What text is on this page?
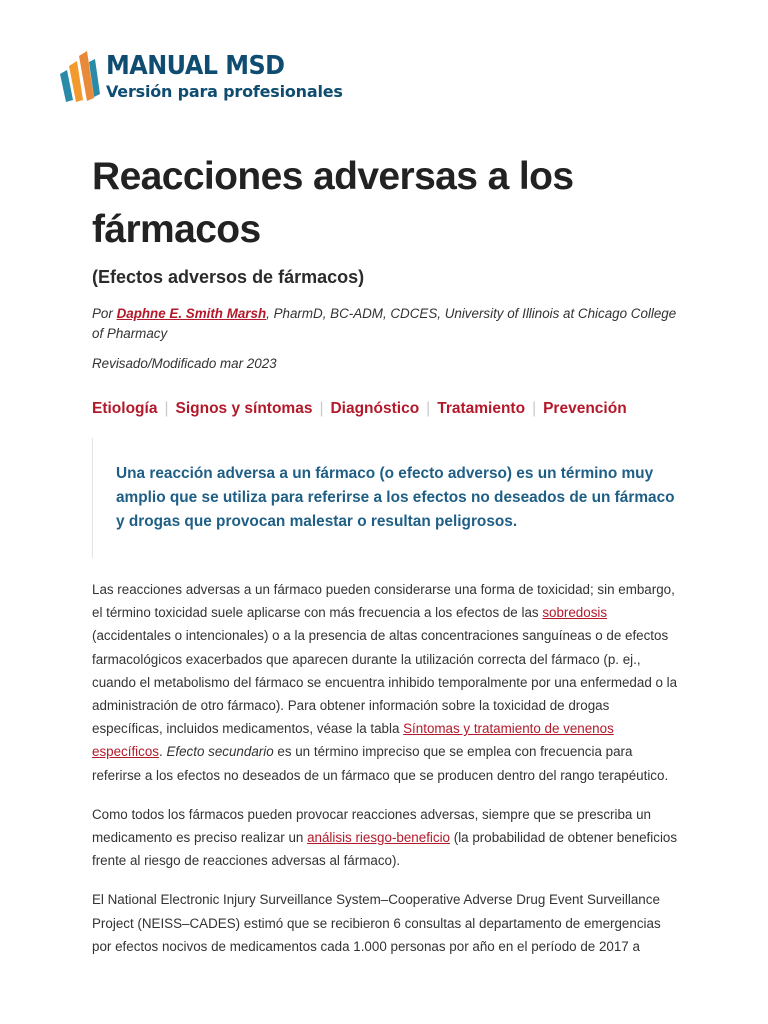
MANUAL MSD
Versión para profesionales
Reacciones adversas a los
fármacos
(Efectos adversos de fármacos)
Por Daphne E. Smith Marsh, PharmD, BC-ADM, CDCES, University of Illinois at Chicago College of Pharmacy
Revisado/Modificado mar 2023
Etiología | Signos y síntomas | Diagnóstico | Tratamiento | Prevención
Una reacción adversa a un fármaco (o efecto adverso) es un término muy amplio que se utiliza para referirse a los efectos no deseados de un fármaco y drogas que provocan malestar o resultan peligrosos.

Las reacciones adversas a un fármaco pueden considerarse una forma de toxicidad; sin embargo, el término toxicidad suele aplicarse con más frecuencia a los efectos de las sobredosis (accidentales o intencionales) o a la presencia de altas concentraciones sanguíneas o de efectos farmacológicos exacerbados que aparecen durante la utilización correcta del fármaco (p. ej., cuando el metabolismo del fármaco se encuentra inhibido temporalmente por una enfermedad o la administración de otro fármaco). Para obtener información sobre la toxicidad de drogas específicas, incluidos medicamentos, véase la tabla Síntomas y tratamiento de venenos específicos. Efecto secundario es un término impreciso que se emplea con frecuencia para referirse a los efectos no deseados de un fármaco que se producen dentro del rango terapéutico.

Como todos los fármacos pueden provocar reacciones adversas, siempre que se prescriba un medicamento es preciso realizar un análisis riesgo-beneficio (la probabilidad de obtener beneficios frente al riesgo de reacciones adversas al fármaco).

El National Electronic Injury Surveillance System–Cooperative Adverse Drug Event Surveillance Project (NEISS–CADES) estimó que se recibieron 6 consultas al departamento de emergencias por efectos nocivos de medicamentos cada 1.000 personas por año en el período de 2017 a
